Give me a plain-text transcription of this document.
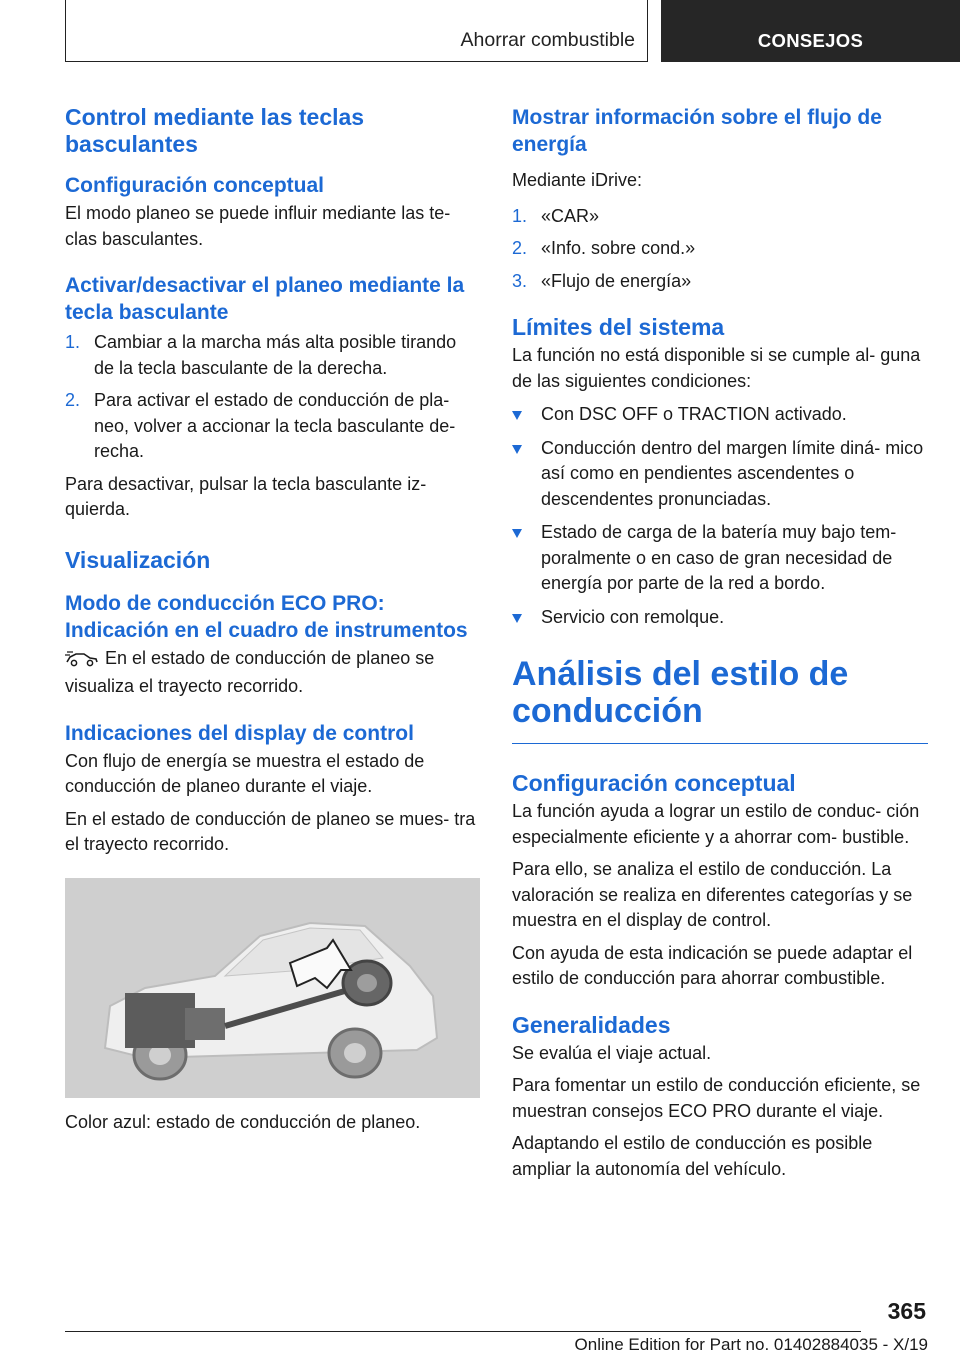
Ahorrar combustible	CONSEJOS
Control mediante las teclas basculantes
Configuración conceptual

El modo planeo se puede influir mediante las te‐ clas basculantes.

Activar/desactivar el planeo mediante la tecla basculante
1. Cambiar a la marcha más alta posible tirando de la tecla basculante de la derecha.
2. Para activar el estado de conducción de pla‐ neo, volver a accionar la tecla basculante de‐ recha.

Para desactivar, pulsar la tecla basculante iz‐ quierda.

Visualización
Modo de conducción ECO PRO: Indicación en el cuadro de instrumentos

En el estado de conducción de planeo se visualiza el trayecto recorrido.

Indicaciones del display de control

Con flujo de energía se muestra el estado de conducción de planeo durante el viaje.

En el estado de conducción de planeo se mues‐ tra el trayecto recorrido.

Color azul: estado de conducción de planeo.

Mostrar información sobre el flujo de energía

Mediante iDrive:

1. «CAR»
2. «Info. sobre cond.»
3. «Flujo de energía»
Límites del sistema

La función no está disponible si se cumple al‐ guna de las siguientes condiciones:

Con DSC OFF o TRACTION activado.
Conducción dentro del margen límite diná‐ mico así como en pendientes ascendentes o descendentes pronunciadas.
Estado de carga de la batería muy bajo tem‐ poralmente o en caso de gran necesidad de energía por parte de la red a bordo.
Servicio con remolque.
Análisis del estilo de conducción
Configuración conceptual

La función ayuda a lograr un estilo de conduc‐ ción especialmente eficiente y a ahorrar com‐ bustible.

Para ello, se analiza el estilo de conducción. La valoración se realiza en diferentes categorías y se muestra en el display de control.

Con ayuda de esta indicación se puede adaptar el estilo de conducción para ahorrar combustible.

Generalidades

Se evalúa el viaje actual.

Para fomentar un estilo de conducción eficiente, se muestran consejos ECO PRO durante el viaje.

Adaptando el estilo de conducción es posible ampliar la autonomía del vehículo.

365
Online Edition for Part no. 01402884035 - X/19
